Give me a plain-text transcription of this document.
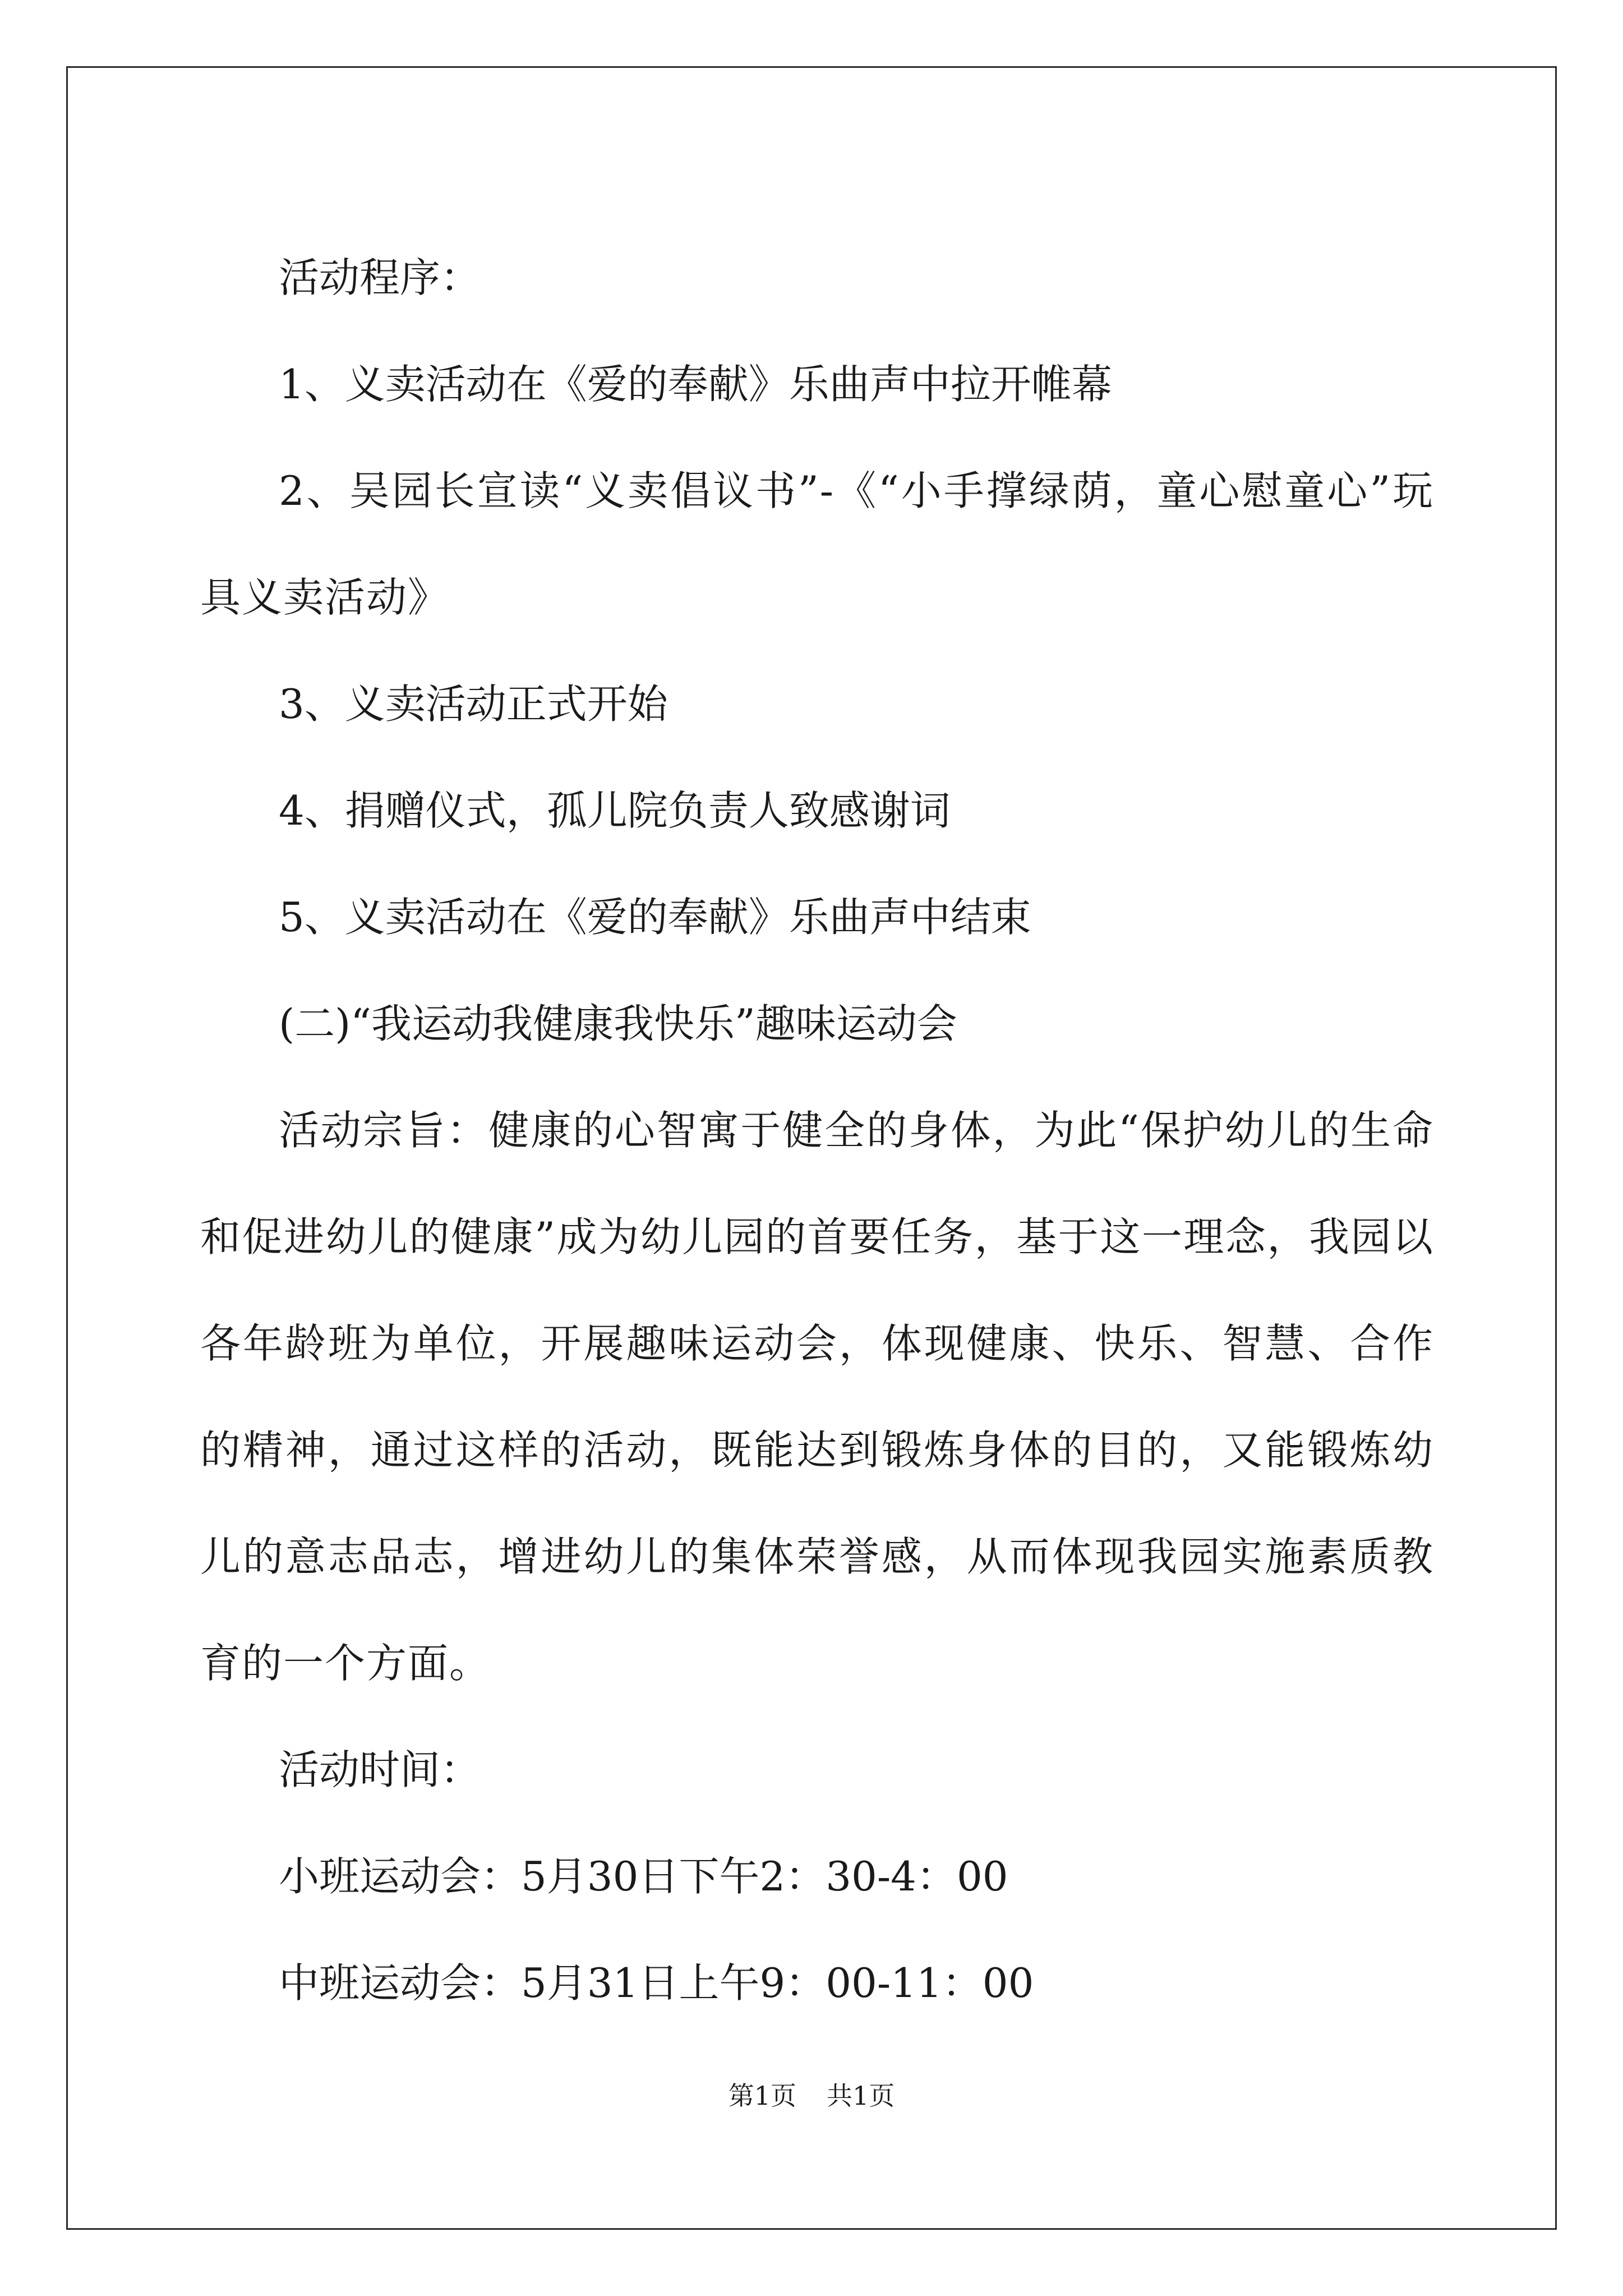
活动程序：

1、义卖活动在《爱的奉献》乐曲声中拉开帷幕

2、吴园长宣读“义卖倡议书”-《“小手撑绿荫，童心慰童心”玩具义卖活动》

3、义卖活动正式开始

4、捐赠仪式，孤儿院负责人致感谢词

5、义卖活动在《爱的奉献》乐曲声中结束

(二)“我运动我健康我快乐”趣味运动会

活动宗旨：健康的心智寓于健全的身体，为此“保护幼儿的生命和促进幼儿的健康”成为幼儿园的首要任务，基于这一理念，我园以各年龄班为单位，开展趣味运动会，体现健康、快乐、智慧、合作的精神，通过这样的活动，既能达到锻炼身体的目的，又能锻炼幼儿的意志品志，增进幼儿的集体荣誉感，从而体现我园实施素质教育的一个方面。

活动时间：

小班运动会：5月30日下午2：30-4：00

中班运动会：5月31日上午9：00-11：00

第1页 共1页
